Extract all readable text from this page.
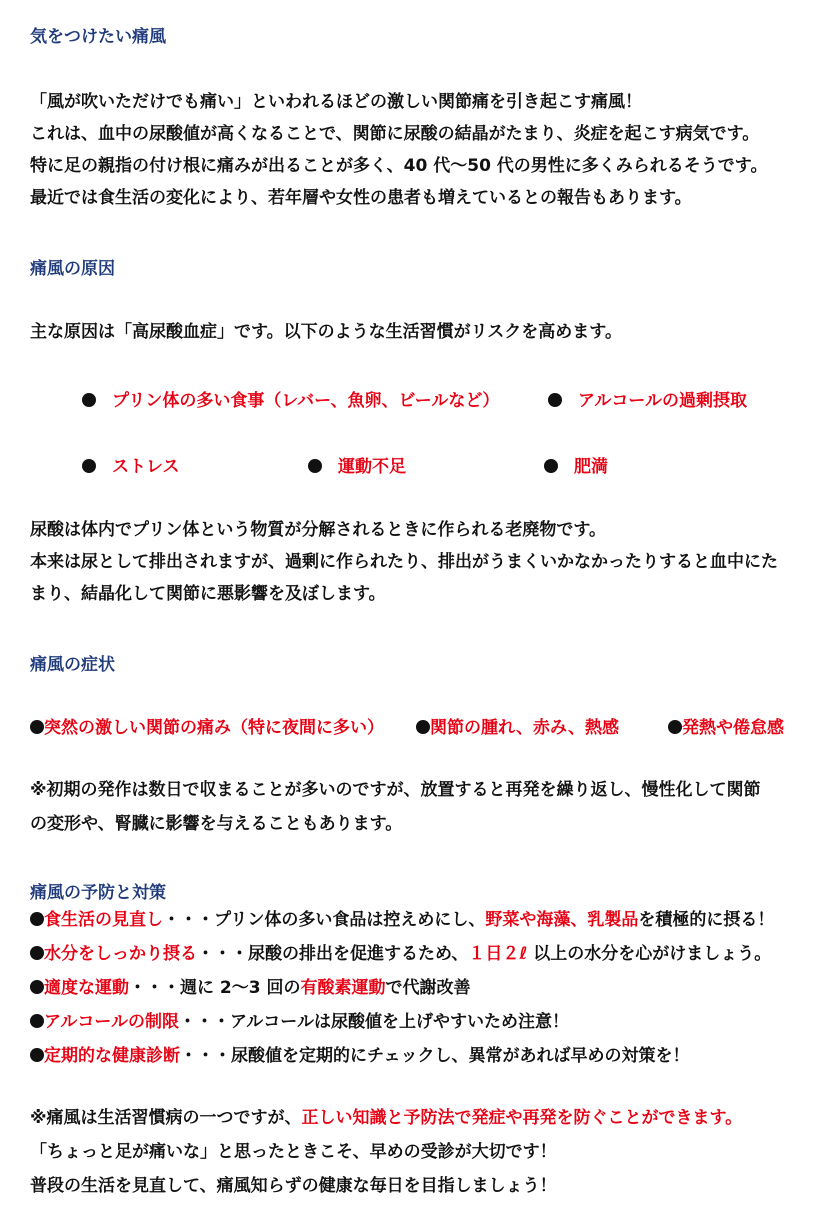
気をつけたい痛風
「風が吹いただけでも痛い」といわれるほどの激しい関節痛を引き起こす痛風！
これは、血中の尿酸値が高くなることで、関節に尿酸の結晶がたまり、炎症を起こす病気です。
特に足の親指の付け根に痛みが出ることが多く、40 代～50 代の男性に多くみられるそうです。
最近では食生活の変化により、若年層や女性の患者も増えているとの報告もあります。
痛風の原因
主な原因は「高尿酸血症」です。以下のような生活習慣がリスクを高めます。
プリン体の多い食事（レバー、魚卵、ビールなど）	アルコールの過剰摂取
ストレス	運動不足	肥満
尿酸は体内でプリン体という物質が分解されるときに作られる老廃物です。
本来は尿として排出されますが、過剰に作られたり、排出がうまくいかなかったりすると血中にた
まり、結晶化して関節に悪影響を及ぼします。
痛風の症状
突然の激しい関節の痛み（特に夜間に多い）	関節の腫れ、赤み、熱感	発熱や倦怠感
※初期の発作は数日で収まることが多いのですが、放置すると再発を繰り返し、慢性化して関節
の変形や、腎臓に影響を与えることもあります。
痛風の予防と対策
食生活の見直し・・・プリン体の多い食品は控えめにし、野菜や海藻、乳製品を積極的に摂る！
水分をしっかり摂る・・・尿酸の排出を促進するため、１日２ℓ 以上の水分を心がけましょう。
適度な運動・・・週に 2～3 回の有酸素運動で代謝改善
アルコールの制限・・・アルコールは尿酸値を上げやすいため注意！
定期的な健康診断・・・尿酸値を定期的にチェックし、異常があれば早めの対策を！
※痛風は生活習慣病の一つですが、正しい知識と予防法で発症や再発を防ぐことができます。
「ちょっと足が痛いな」と思ったときこそ、早めの受診が大切です！
普段の生活を見直して、痛風知らずの健康な毎日を目指しましょう！
